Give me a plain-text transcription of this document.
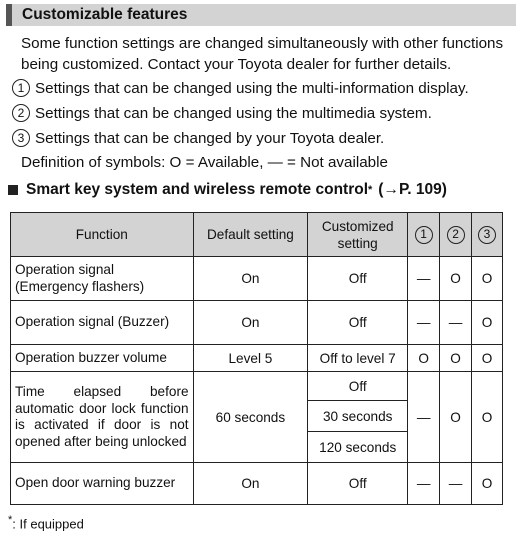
Customizable features
Some function settings are changed simultaneously with other functions being customized. Contact your Toyota dealer for further details.
1 Settings that can be changed using the multi-information display.
2 Settings that can be changed using the multimedia system.
3 Settings that can be changed by your Toyota dealer.
Definition of symbols: O = Available, — = Not available
Smart key system and wireless remote control * (→P. 109)
Function	Default setting	Customized setting	1	2	3
Operation signal (Emergency flashers)	On	Off	—	O	O
Operation signal (Buzzer)	On	Off	—	—	O
Operation buzzer volume	Level 5	Off to level 7	O	O	O
Time elapsed before automatic door lock function is activated if door is not opened after being unlocked	60 seconds	Off	—	O	O
		30 seconds			
		120 seconds			
Open door warning buzzer	On	Off	—	—	O
*: If equipped
